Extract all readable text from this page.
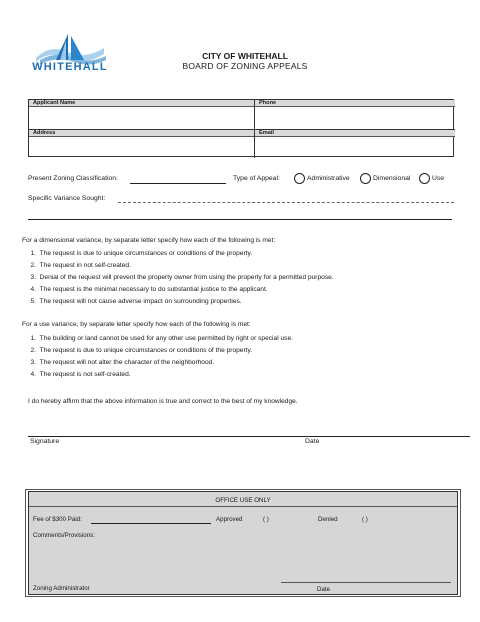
WHITEHALL
CITY OF WHITEHALL
BOARD OF ZONING APPEALS
Applicant Name	Phone
Address	Email
Present Zoning Classification:	Type of Appeal:	Administrative	Dimensional	Use
Specific Variance Sought:
For a dimensional variance, by separate letter specify how each of the following is met:
1. The request is due to unique circumstances or conditions of the property.
2. The request in not self-created.
3. Denial of the request will prevent the property owner from using the property for a permitted purpose.
4. The request is the minimal necessary to do substantial justice to the applicant.
5. The request will not cause adverse impact on surrounding properties.
For a use variance, by separate letter specify how each of the following is met:
1. The building or land cannot be used for any other use permitted by right or special use.
2. The request is due to unique circumstances or conditions of the property.
3. The request will not alter the character of the neighborhood.
4. The request is not self-created.
I do hereby affirm that the above information is true and correct to the best of my knowledge.
Signature	Date
OFFICE USE ONLY
Fee of $300 Paid:	Approved	( )	Denied	( )
Comments/Provisions:
Zoning Administrator	Date
